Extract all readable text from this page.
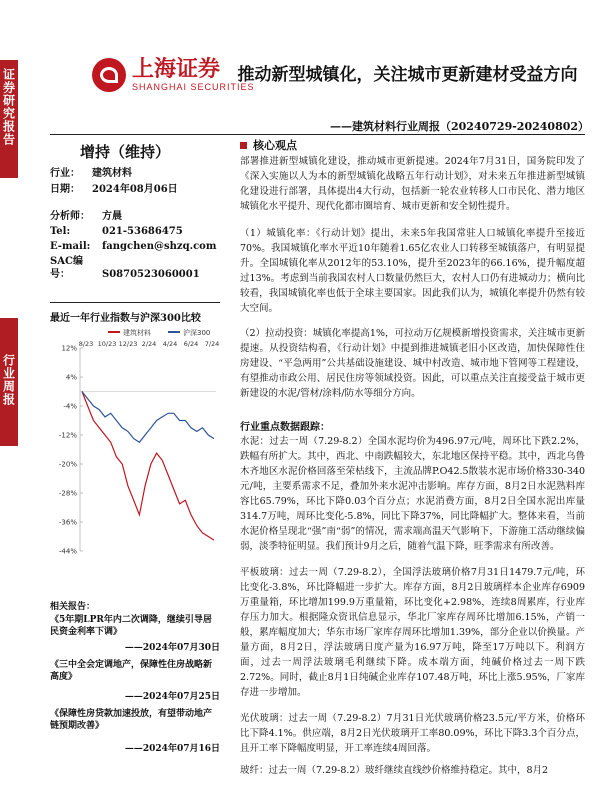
证券研究报告
行业周报
上海证券
SHANGHAI SECURITIES
推动新型城镇化，关注城市更新建材受益方向
——建筑材料行业周报（20240729-20240802）
增持（维持）
行业： 建筑材料
日期： 2024年08月06日
分析师： 方晨
Tel:	021-53686475
E-mail: fangchen@shzq.com
SAC编号：	S0870523060001
最近一年行业指数与沪深300比较
建筑材料	沪深300
12%
4%
-4%
-12%
-20%
-28%
-36%
-44%
8/23 10/23 12/23 2/24 4/24 6/24 7/24
相关报告：
《5年期LPR年内二次调降，继续引导居民资金利率下调》
——2024年07月30日
《三中全会定调地产，保障性住房战略新高度》
——2024年07月25日
《保障性房贷款加速投放，有望带动地产链预期改善》
——2024年07月16日
核心观点
部署推进新型城镇化建设，推动城市更新提速。2024年7月31日，国务院印发了《深入实施以人为本的新型城镇化战略五年行动计划》，对未来五年推进新型城镇化建设进行部署，具体提出4大行动，包括新一轮农业转移人口市民化、潜力地区城镇化水平提升、现代化都市圈培育、城市更新和安全韧性提升。
（1）城镇化率：《行动计划》提出，未来5年我国常驻人口城镇化率提升至接近70%。我国城镇化率水平近10年随着1.65亿农业人口转移至城镇落户，有明显提升。全国城镇化率从2012年的53.10%，提升至2023年的66.16%，提升幅度超过13%。考虑到当前我国农村人口数量仍然巨大，农村人口仍有进城动力；横向比较看，我国城镇化率也低于全球主要国家。因此我们认为，城镇化率提升仍然有较大空间。
（2）拉动投资：城镇化率提高1%，可拉动万亿规模新增投资需求，关注城市更新提速。从投资结构看，《行动计划》中提到推进城镇老旧小区改造，加快保障性住房建设、“平急两用”公共基础设施建设、城中村改造、城市地下管网等工程建设，有望推动市政公用、居民住房等领域投资。因此，可以重点关注直接受益于城市更新建设的水泥/管材/涂料/防水等细分方向。
行业重点数据跟踪：
水泥：过去一周（7.29-8.2）全国水泥均价为496.97元/吨，周环比下跌2.2%，跌幅有所扩大。其中，西北、中南跌幅较大，东北地区保持平稳。其中，西北乌鲁木齐地区水泥价格回落至荣枯线下，主流品牌P.O42.5散装水泥市场价格330-340元/吨，主要系需求不足，叠加外来水泥冲击影响。库存方面，8月2日水泥熟料库容比65.79%，环比下降0.03个百分点；水泥消费方面，8月2日全国水泥出库量314.7万吨，周环比变化-5.8%，同比下降37%，同比降幅扩大。整体来看，当前水泥价格呈现北“强”南“弱”的情况，需求端高温天气影响下，下游施工活动继续偏弱，淡季特征明显。我们预计9月之后，随着气温下降，旺季需求有所改善。
平板玻璃：过去一周（7.29-8.2），全国浮法玻璃价格7月31日1479.7元/吨，环比变化-3.8%，环比降幅进一步扩大。库存方面，8月2日玻璃样本企业库存6909万重量箱，环比增加199.9万重量箱，环比变化+2.98%，连续8周累库，行业库存压力加大。根据隆众资讯信息显示，华北厂家库存周环比增加6.15%，产销一般，累库幅度加大；华东市场厂家库存周环比增加1.39%，部分企业以价换量。产量方面，8月2日，浮法玻璃日度产量为16.97万吨，降至17万吨以下。利润方面，过去一周浮法玻璃毛利继续下降。成本端方面，纯碱价格过去一周下跌2.72%。同时，截止8月1日纯碱企业库存107.48万吨，环比上涨5.95%，厂家库存进一步增加。
光伏玻璃：过去一周（7.29-8.2）7月31日光伏玻璃价格23.5元/平方米，价格环比下降4.1%。供应端，8月2日光伏玻璃开工率80.09%，环比下降3.3个百分点，且开工率下降幅度明显，开工率连续4周回落。
玻纤：过去一周（7.29-8.2）玻纤继续直线纱价格维持稳定。其中，8月2
